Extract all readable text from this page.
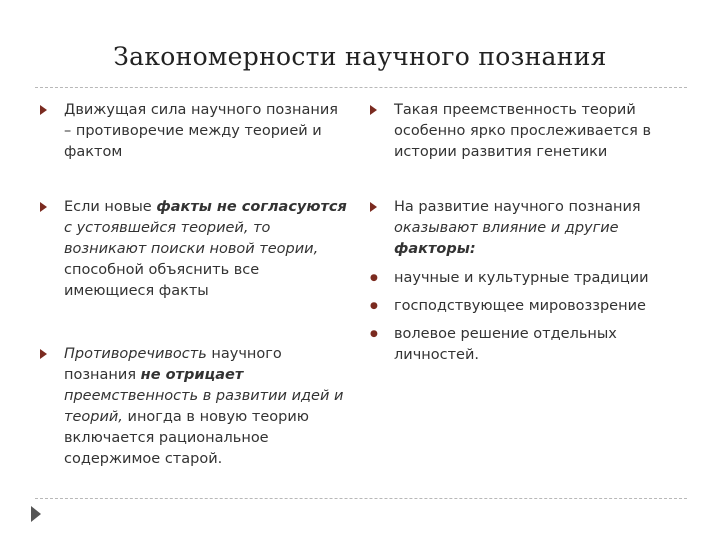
Закономерности научного познания
Движущая сила научного познания – противоречие между теорией и фактом
Если новые факты не согласуются с устоявшейся теорией, то возникают поиски новой теории, способной объяснить все имеющиеся факты
Противоречивость научного познания не отрицает преемственность в развитии идей и теорий, иногда в новую теорию включается рациональное содержимое старой.
Такая преемственность теорий особенно ярко прослеживается в истории развития генетики
На развитие научного познания оказывают влияние и другие факторы:
● научные и культурные традиции
● господствующее мировоззрение
● волевое решение отдельных личностей.
